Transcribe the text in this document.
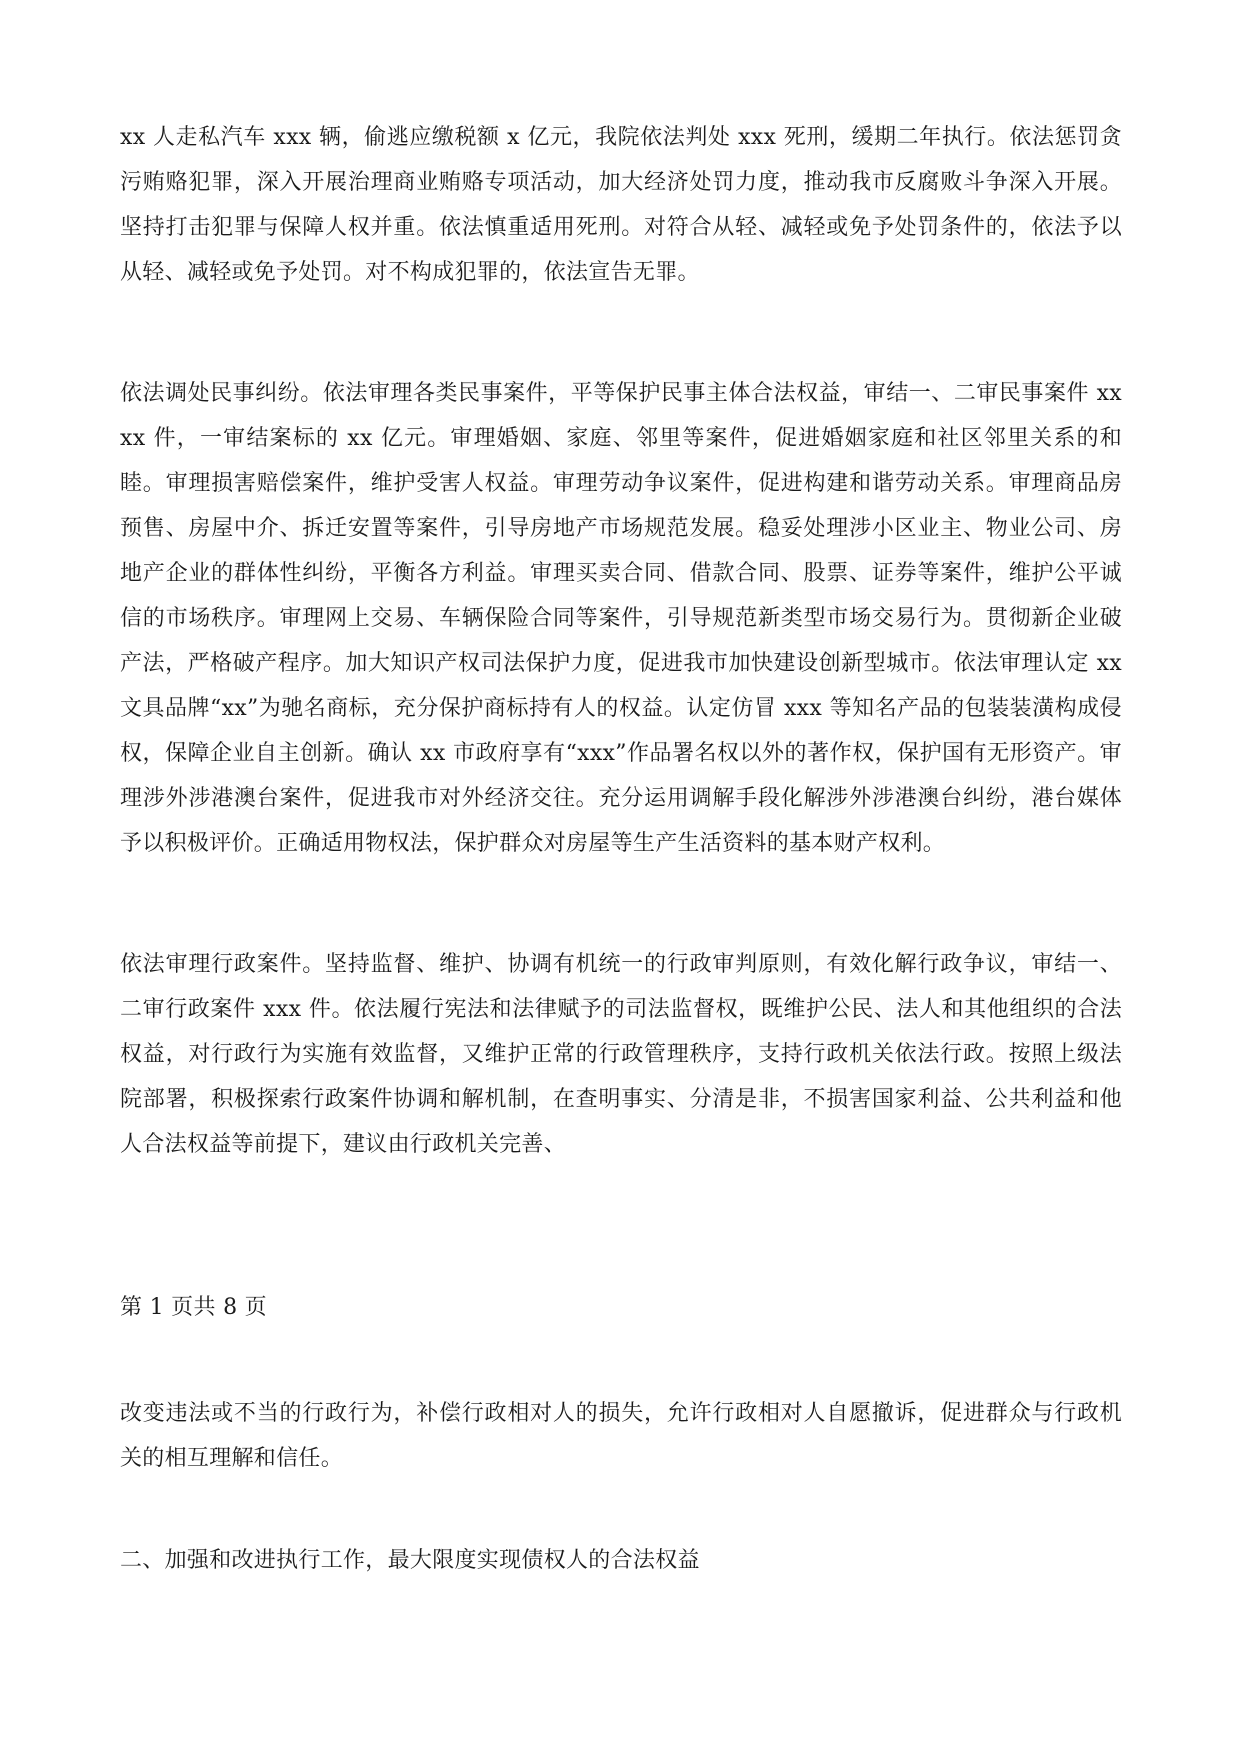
xx 人走私汽车 xxx 辆，偷逃应缴税额 x 亿元，我院依法判处 xxx 死刑，缓期二年执行。依法惩罚贪污贿赂犯罪，深入开展治理商业贿赂专项活动，加大经济处罚力度，推动我市反腐败斗争深入开展。坚持打击犯罪与保障人权并重。依法慎重适用死刑。对符合从轻、减轻或免予处罚条件的，依法予以从轻、减轻或免予处罚。对不构成犯罪的，依法宣告无罪。

依法调处民事纠纷。依法审理各类民事案件，平等保护民事主体合法权益，审结一、二审民事案件 xxxx 件，一审结案标的 xx 亿元。审理婚姻、家庭、邻里等案件，促进婚姻家庭和社区邻里关系的和睦。审理损害赔偿案件，维护受害人权益。审理劳动争议案件，促进构建和谐劳动关系。审理商品房预售、房屋中介、拆迁安置等案件，引导房地产市场规范发展。稳妥处理涉小区业主、物业公司、房地产企业的群体性纠纷，平衡各方利益。审理买卖合同、借款合同、股票、证券等案件，维护公平诚信的市场秩序。审理网上交易、车辆保险合同等案件，引导规范新类型市场交易行为。贯彻新企业破产法，严格破产程序。加大知识产权司法保护力度，促进我市加快建设创新型城市。依法审理认定 xx 文具品牌“xx”为驰名商标，充分保护商标持有人的权益。认定仿冒 xxx 等知名产品的包装装潢构成侵权，保障企业自主创新。确认 xx 市政府享有“xxx”作品署名权以外的著作权，保护国有无形资产。审理涉外涉港澳台案件，促进我市对外经济交往。充分运用调解手段化解涉外涉港澳台纠纷，港台媒体予以积极评价。正确适用物权法，保护群众对房屋等生产生活资料的基本财产权利。

依法审理行政案件。坚持监督、维护、协调有机统一的行政审判原则，有效化解行政争议，审结一、二审行政案件 xxx 件。依法履行宪法和法律赋予的司法监督权，既维护公民、法人和其他组织的合法权益，对行政行为实施有效监督，又维护正常的行政管理秩序，支持行政机关依法行政。按照上级法院部署，积极探索行政案件协调和解机制，在查明事实、分清是非，不损害国家利益、公共利益和他人合法权益等前提下，建议由行政机关完善、

第 1 页共 8 页

改变违法或不当的行政行为，补偿行政相对人的损失，允许行政相对人自愿撤诉，促进群众与行政机关的相互理解和信任。

二、加强和改进执行工作，最大限度实现债权人的合法权益
